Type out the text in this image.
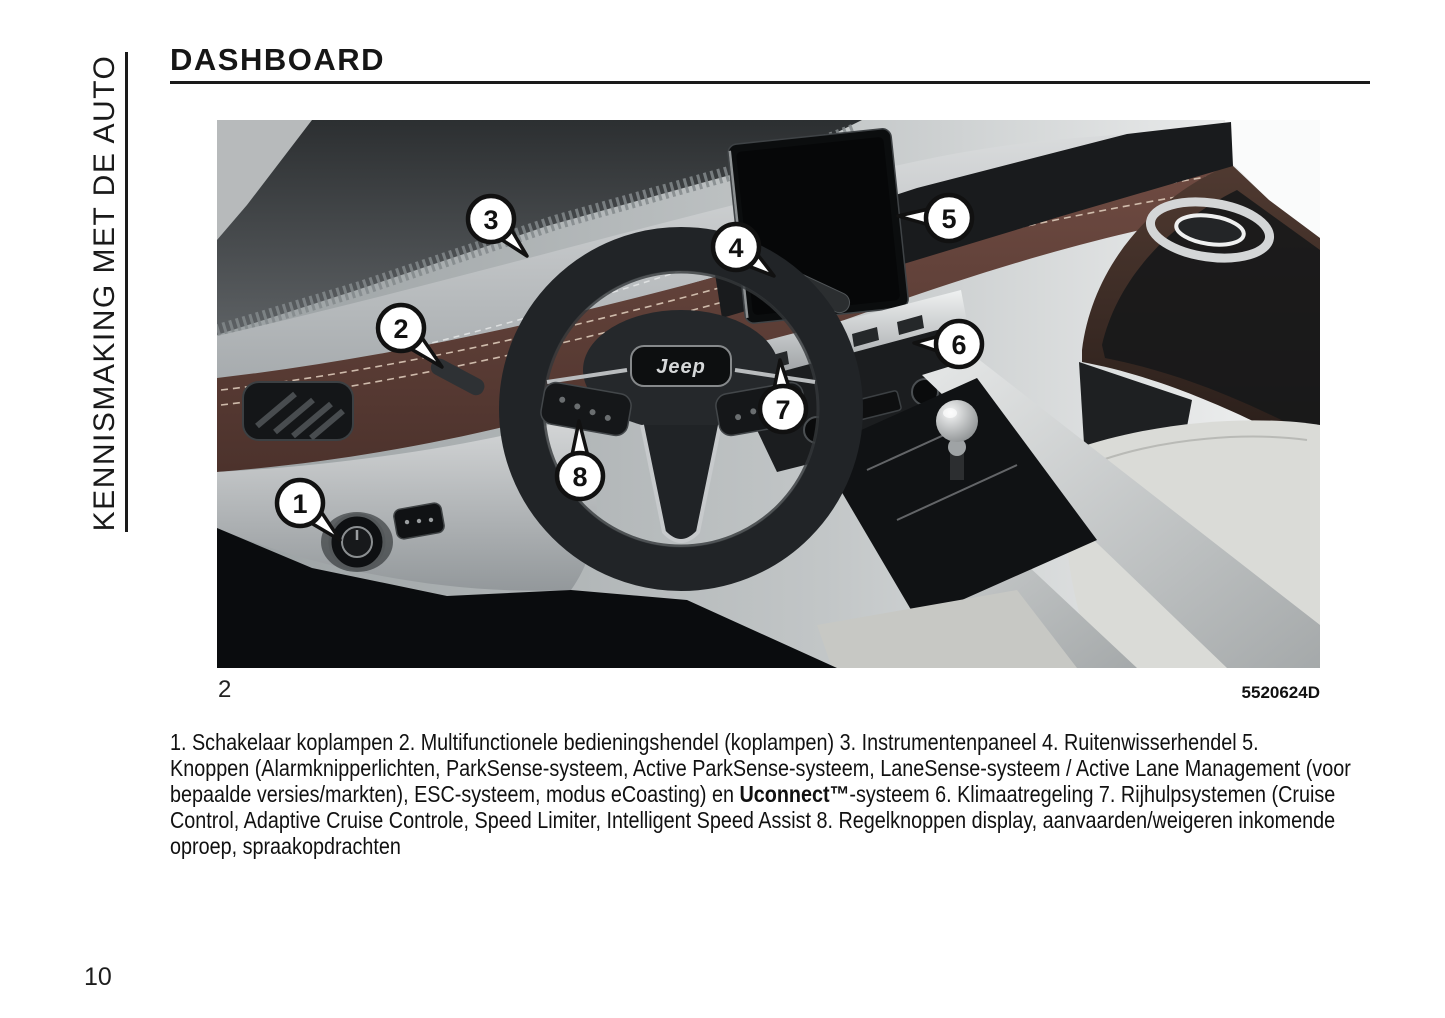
KENNISMAKING MET DE AUTO DASHBOARD
Jeep
1
2
3
4
5
6
7
8
2	5520624D
1. Schakelaar koplampen 2. Multifunctionele bedieningshendel (koplampen) 3. Instrumentenpaneel 4. Ruitenwisserhendel 5.
Knoppen (Alarmknipperlichten, ParkSense-systeem, Active ParkSense-systeem, LaneSense-systeem / Active Lane Management (voor
bepaalde versies/markten), ESC-systeem, modus eCoasting) en Uconnect™-systeem 6. Klimaatregeling 7. Rijhulpsystemen (Cruise
Control, Adaptive Cruise Controle, Speed Limiter, Intelligent Speed Assist 8. Regelknoppen display, aanvaarden/weigeren inkomende
oproep, spraakopdrachten
10
